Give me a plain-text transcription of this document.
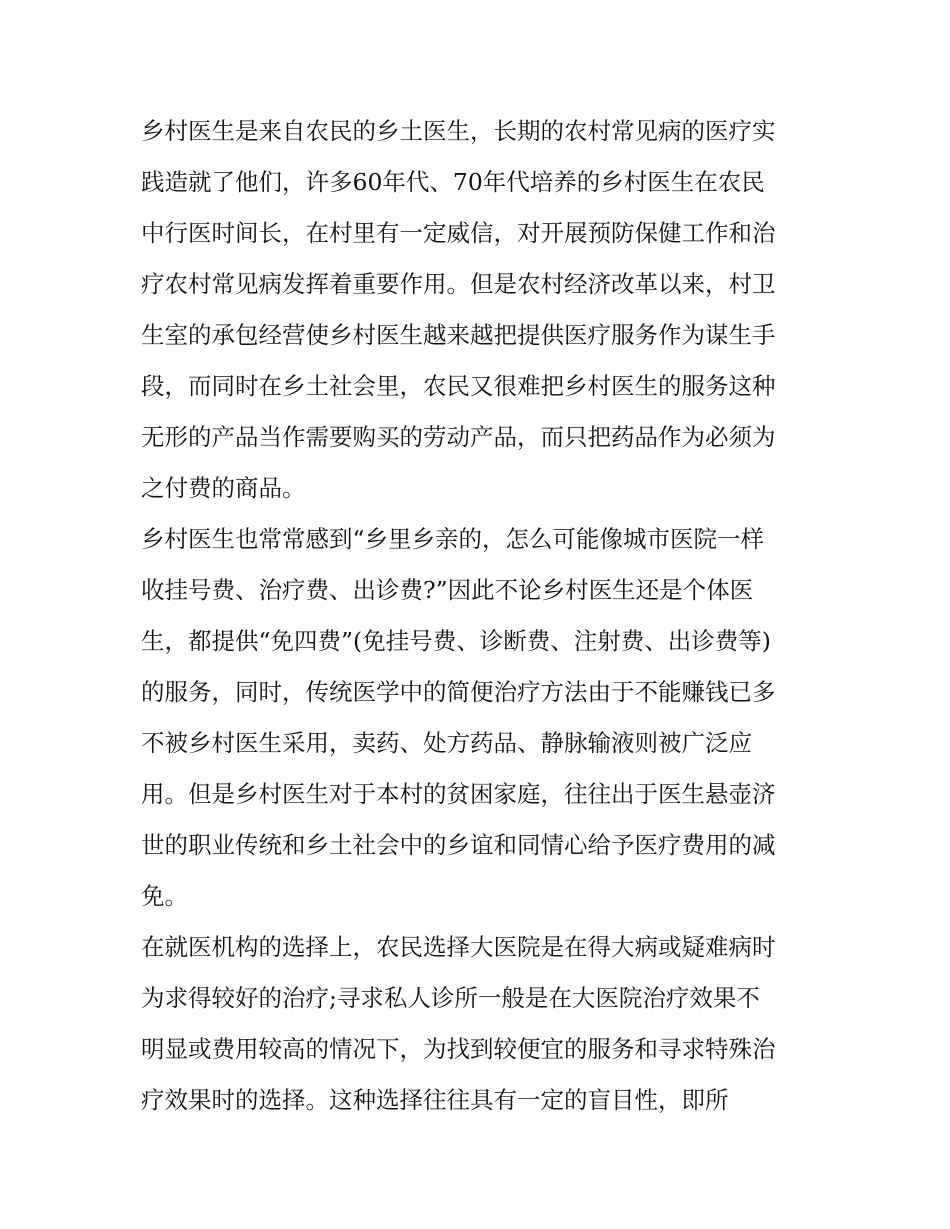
乡村医生是来自农民的乡土医生，长期的农村常见病的医疗实
践造就了他们，许多60年代、70年代培养的乡村医生在农民
中行医时间长，在村里有一定威信，对开展预防保健工作和治
疗农村常见病发挥着重要作用。但是农村经济改革以来，村卫
生室的承包经营使乡村医生越来越把提供医疗服务作为谋生手
段，而同时在乡土社会里，农民又很难把乡村医生的服务这种
无形的产品当作需要购买的劳动产品，而只把药品作为必须为
之付费的商品。
乡村医生也常常感到“乡里乡亲的，怎么可能像城市医院一样
收挂号费、治疗费、出诊费?”因此不论乡村医生还是个体医
生，都提供“免四费”(免挂号费、诊断费、注射费、出诊费等)
的服务，同时，传统医学中的简便治疗方法由于不能赚钱已多
不被乡村医生采用，卖药、处方药品、静脉输液则被广泛应
用。但是乡村医生对于本村的贫困家庭，往往出于医生悬壶济
世的职业传统和乡土社会中的乡谊和同情心给予医疗费用的减
免。
在就医机构的选择上，农民选择大医院是在得大病或疑难病时
为求得较好的治疗;寻求私人诊所一般是在大医院治疗效果不
明显或费用较高的情况下，为找到较便宜的服务和寻求特殊治
疗效果时的选择。这种选择往往具有一定的盲目性，即所
